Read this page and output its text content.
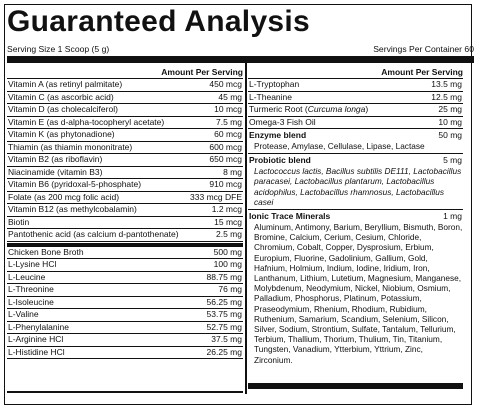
Guaranteed Analysis
Serving Size 1 Scoop (5 g)	Servings Per Container 60
Amount Per Serving
Vitamin A (as retinyl palmitate)	450 mcg
Vitamin C (as ascorbic acid)	45 mg
Vitamin D (as cholecalciferol)	10 mcg
Vitamin E (as d-alpha-tocopheryl acetate)	7.5 mg
Vitamin K (as phytonadione)	60 mcg
Thiamin (as thiamin mononitrate)	600 mcg
Vitamin B2 (as riboflavin)	650 mcg
Niacinamide (vitamin B3)	8 mg
Vitamin B6 (pyridoxal-5-phosphate)	910 mcg
Folate (as 200 mcg folic acid)	333 mcg DFE
Vitamin B12 (as methylcobalamin)	1.2 mcg
Biotin	15 mcg
Pantothenic acid (as calcium d-pantothenate)	2.5 mg
Chicken Bone Broth	500 mg
L-Lysine HCl	100 mg
L-Leucine	88.75 mg
L-Threonine	76 mg
L-Isoleucine	56.25 mg
L-Valine	53.75 mg
L-Phenylalanine	52.75 mg
L-Arginine HCl	37.5 mg
L-Histidine HCl	26.25 mg
Amount Per Serving
L-Tryptophan	13.5 mg
L-Theanine	12.5 mg
Turmeric Root (Curcuma longa)	25 mg
Omega-3 Fish Oil	10 mg
Enzyme blend	50 mg
Protease, Amylase, Cellulase, Lipase, Lactase
Probiotic blend	5 mg
Lactococcus lactis, Bacillus subtilis DE111, Lactobacillus paracasei, Lactobacillus plantarum, Lactobacillus acidophilus, Lactobacillus rhamnosus, Lactobacillus casei
Ionic Trace Minerals	1 mg
Aluminum, Antimony, Barium, Beryllium, Bismuth, Boron, Bromine, Calcium, Cerium, Cesium, Chloride, Chromium, Cobalt, Copper, Dysprosium, Erbium, Europium, Fluorine, Gadolinium, Gallium, Gold, Hafnium, Holmium, Indium, Iodine, Iridium, Iron, Lanthanum, Lithium, Lutetium, Magnesium, Manganese, Molybdenum, Neodymium, Nickel, Niobium, Osmium, Palladium, Phosphorus, Platinum, Potassium, Praseodymium, Rhenium, Rhodium, Rubidium, Ruthenium, Samarium, Scandium, Selenium, Silicon, Silver, Sodium, Strontium, Sulfate, Tantalum, Tellurium, Terbium, Thallium, Thorium, Thulium, Tin, Titanium, Tungsten, Vanadium, Ytterbium, Yttrium, Zinc, Zirconium.
